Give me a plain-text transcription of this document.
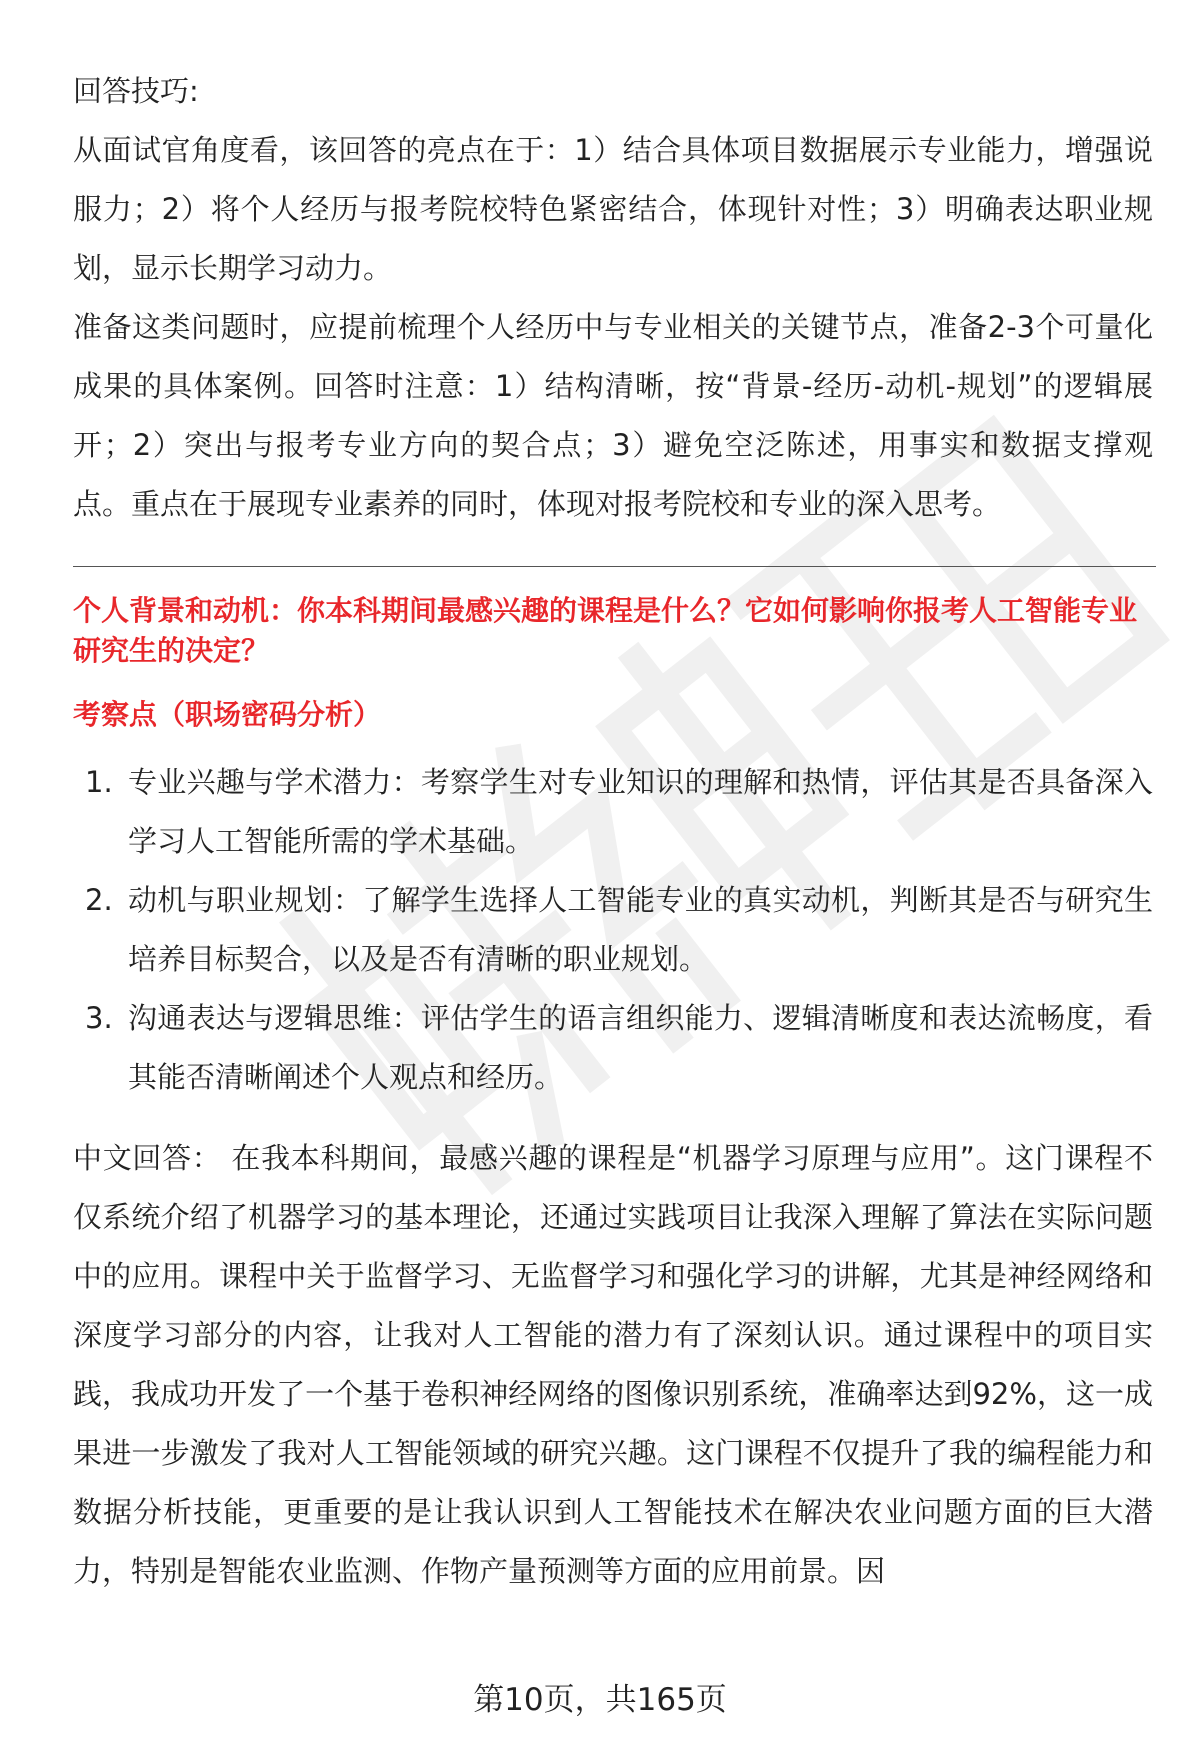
回答技巧:

从面试官角度看，该回答的亮点在于：1）结合具体项目数据展示专业能力，增强说服力；2）将个人经历与报考院校特色紧密结合，体现针对性；3）明确表达职业规划，显示长期学习动力。

准备这类问题时，应提前梳理个人经历中与专业相关的关键节点，准备2-3个可量化成果的具体案例。回答时注意：1）结构清晰，按“背景-经历-动机-规划”的逻辑展开；2）突出与报考专业方向的契合点；3）避免空泛陈述，用事实和数据支撑观点。重点在于展现专业素养的同时，体现对报考院校和专业的深入思考。

个人背景和动机：你本科期间最感兴趣的课程是什么？它如何影响你报考人工智能专业研究生的决定？
考察点（职场密码分析）
1. 专业兴趣与学术潜力：考察学生对专业知识的理解和热情，评估其是否具备深入学习人工智能所需的学术基础。
2. 动机与职业规划：了解学生选择人工智能专业的真实动机，判断其是否与研究生培养目标契合，以及是否有清晰的职业规划。
3. 沟通表达与逻辑思维：评估学生的语言组织能力、逻辑清晰度和表达流畅度，看其能否清晰阐述个人观点和经历。

中文回答： 在我本科期间，最感兴趣的课程是“机器学习原理与应用”。这门课程不仅系统介绍了机器学习的基本理论，还通过实践项目让我深入理解了算法在实际问题中的应用。课程中关于监督学习、无监督学习和强化学习的讲解，尤其是神经网络和深度学习部分的内容，让我对人工智能的潜力有了深刻认识。通过课程中的项目实践，我成功开发了一个基于卷积神经网络的图像识别系统，准确率达到92%，这一成果进一步激发了我对人工智能领域的研究兴趣。这门课程不仅提升了我的编程能力和数据分析技能，更重要的是让我认识到人工智能技术在解决农业问题方面的巨大潜力，特别是智能农业监测、作物产量预测等方面的应用前景。因

第10页，共165页
